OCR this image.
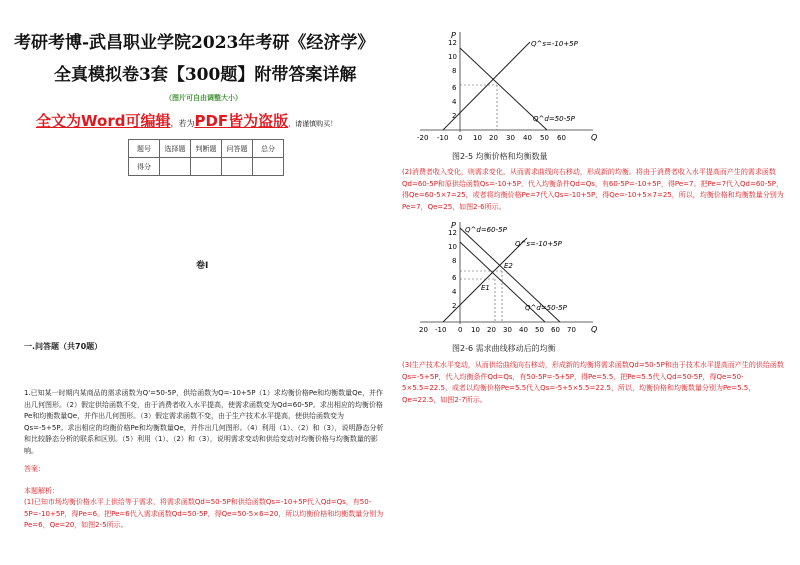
考研考博-武昌职业学院2023年考研《经济学》
全真模拟卷3套【300题】附带答案详解
（图片可自由调整大小）
全文为Word可编辑，若为PDF皆为盗版，请谨慎购买！
题号	选择题	判断题	问答题	总分
得分				
卷I
一.问答题（共70题）
1.已知某一时期内某商品的需求函数为Q'=50-5P，供给函数为Q=-10+5P（1）求均衡价格Pe和均衡数量Qe，并作出几何图形。（2）假定供给函数不变，由于消费者收入水平提高，使需求函数变为Qd=60-5P。求出相应的均衡价格Pe和均衡数量Qe，并作出几何图形。（3）假定需求函数不变，由于生产技术水平提高，使供给函数变为Qs=-5+5P。求出相应的均衡价格Pe和均衡数量Qe，并作出几何图形。（4）利用（1）、（2）和（3），说明静态分析和比较静态分析的联系和区别。（5）利用（1）、（2）和（3），说明需求变动和供给变动对均衡价格与均衡数量的影响。
答案：
本题解析：
(1)已知市场均衡价格水平上供给等于需求，将需求函数Qd=50-5P和供给函数Qs=-10+5P代入Qd=Qs，有50-5P=-10+5P，得Pe=6。把Pe=6代入需求函数Qd=50-5P，得Qe=50-5×6=20，所以均衡价格和均衡数量分别为Pe=6，Qe=20，如图2-5所示。
P
Q
12
10
8
6
4
2
-20 -10 0 10 20 30 40 50 60
Q^s=-10+5P
Q^d=50-5P
图2-5 均衡价格和均衡数量
(2)消费者收入变化，则需求变化，从而需求曲线向右移动，形成新的均衡。将由于消费者收入水平提高而产生的需求函数Qd=60-5P和原供给函数Qs=-10+5P，代入均衡条件Qd=Qs，有60-5P=-10+5P，得Pe=7。把Pe=7代入Qd=60-5P，得Qe=60-5×7=25，或者将均衡价格Pe=7代入Qs=-10+5P，得Qe=-10+5×7=25，所以，均衡价格和均衡数量分别为Pe=7，Qe=25，如图2-6所示。
P
Q
12
10
8
6
4
2
20 -10 0 10 20 30 40 50 60 70
Q^d=60-5P
Q^s=-10+5P
Q^d=50-5P
E2
E1
图2-6 需求曲线移动后的均衡
(3)生产技术水平变动，从而供给曲线向右移动，形成新的均衡将需求函数Qd=50-5P和由于技术水平提高而产生的供给函数Qs=-5+5P，代入均衡条件Qd=Qs，有50-5P=-5+5P，得Pe=5.5，把Pe=5.5代入Qd=50-5P，得Qe=50-5×5.5=22.5，或者以均衡价格Pe=5.5代入Qs=-5+5×5.5=22.5，所以，均衡价格和均衡数量分别为Pe=5.5，Qe=22.5，如图2-7所示。
